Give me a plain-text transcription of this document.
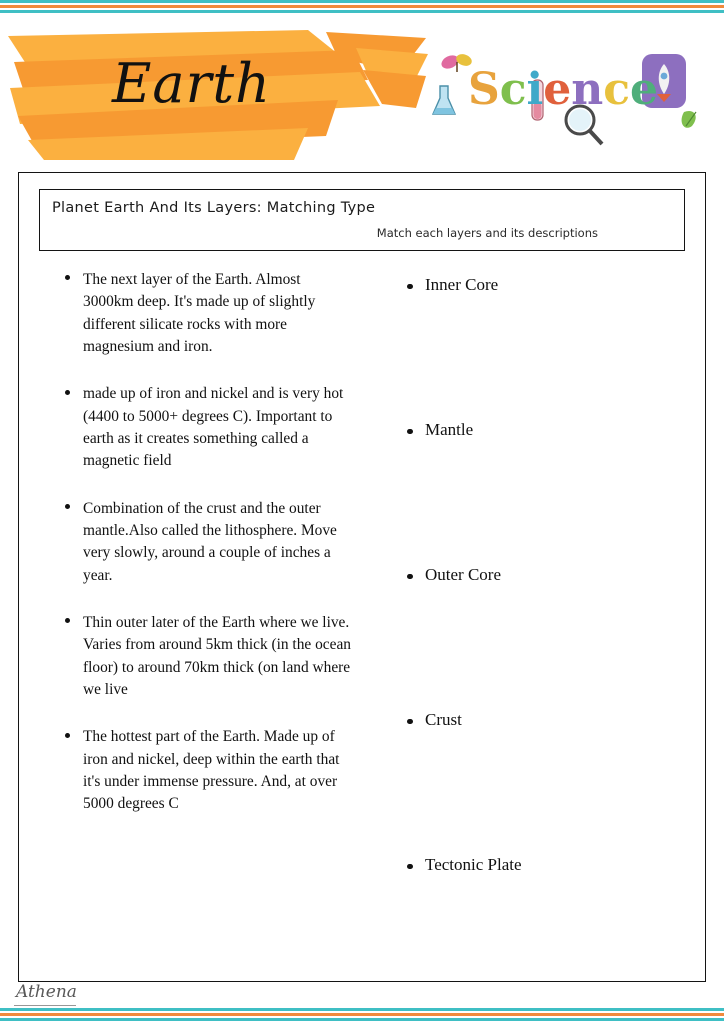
Earth	Science
Planet Earth And Its Layers: Matching Type
Match each layers and its descriptions
The next layer of the Earth. Almost 3000km deep. It's made up of slightly different silicate rocks with more magnesium and iron.
made up of iron and nickel and is very hot (4400 to 5000+ degrees C). Important to earth as it creates something called a magnetic field
Combination of the crust and the outer mantle.Also called the lithosphere. Move very slowly, around a couple of inches a year.
Thin outer later of the Earth where we live. Varies from around 5km thick (in the ocean floor) to around 70km thick (on land where we live
The hottest part of the Earth. Made up of iron and nickel, deep within the earth that it's under immense pressure. And, at over 5000 degrees C
Inner Core
Mantle
Outer Core
Crust
Tectonic Plate
Athena
